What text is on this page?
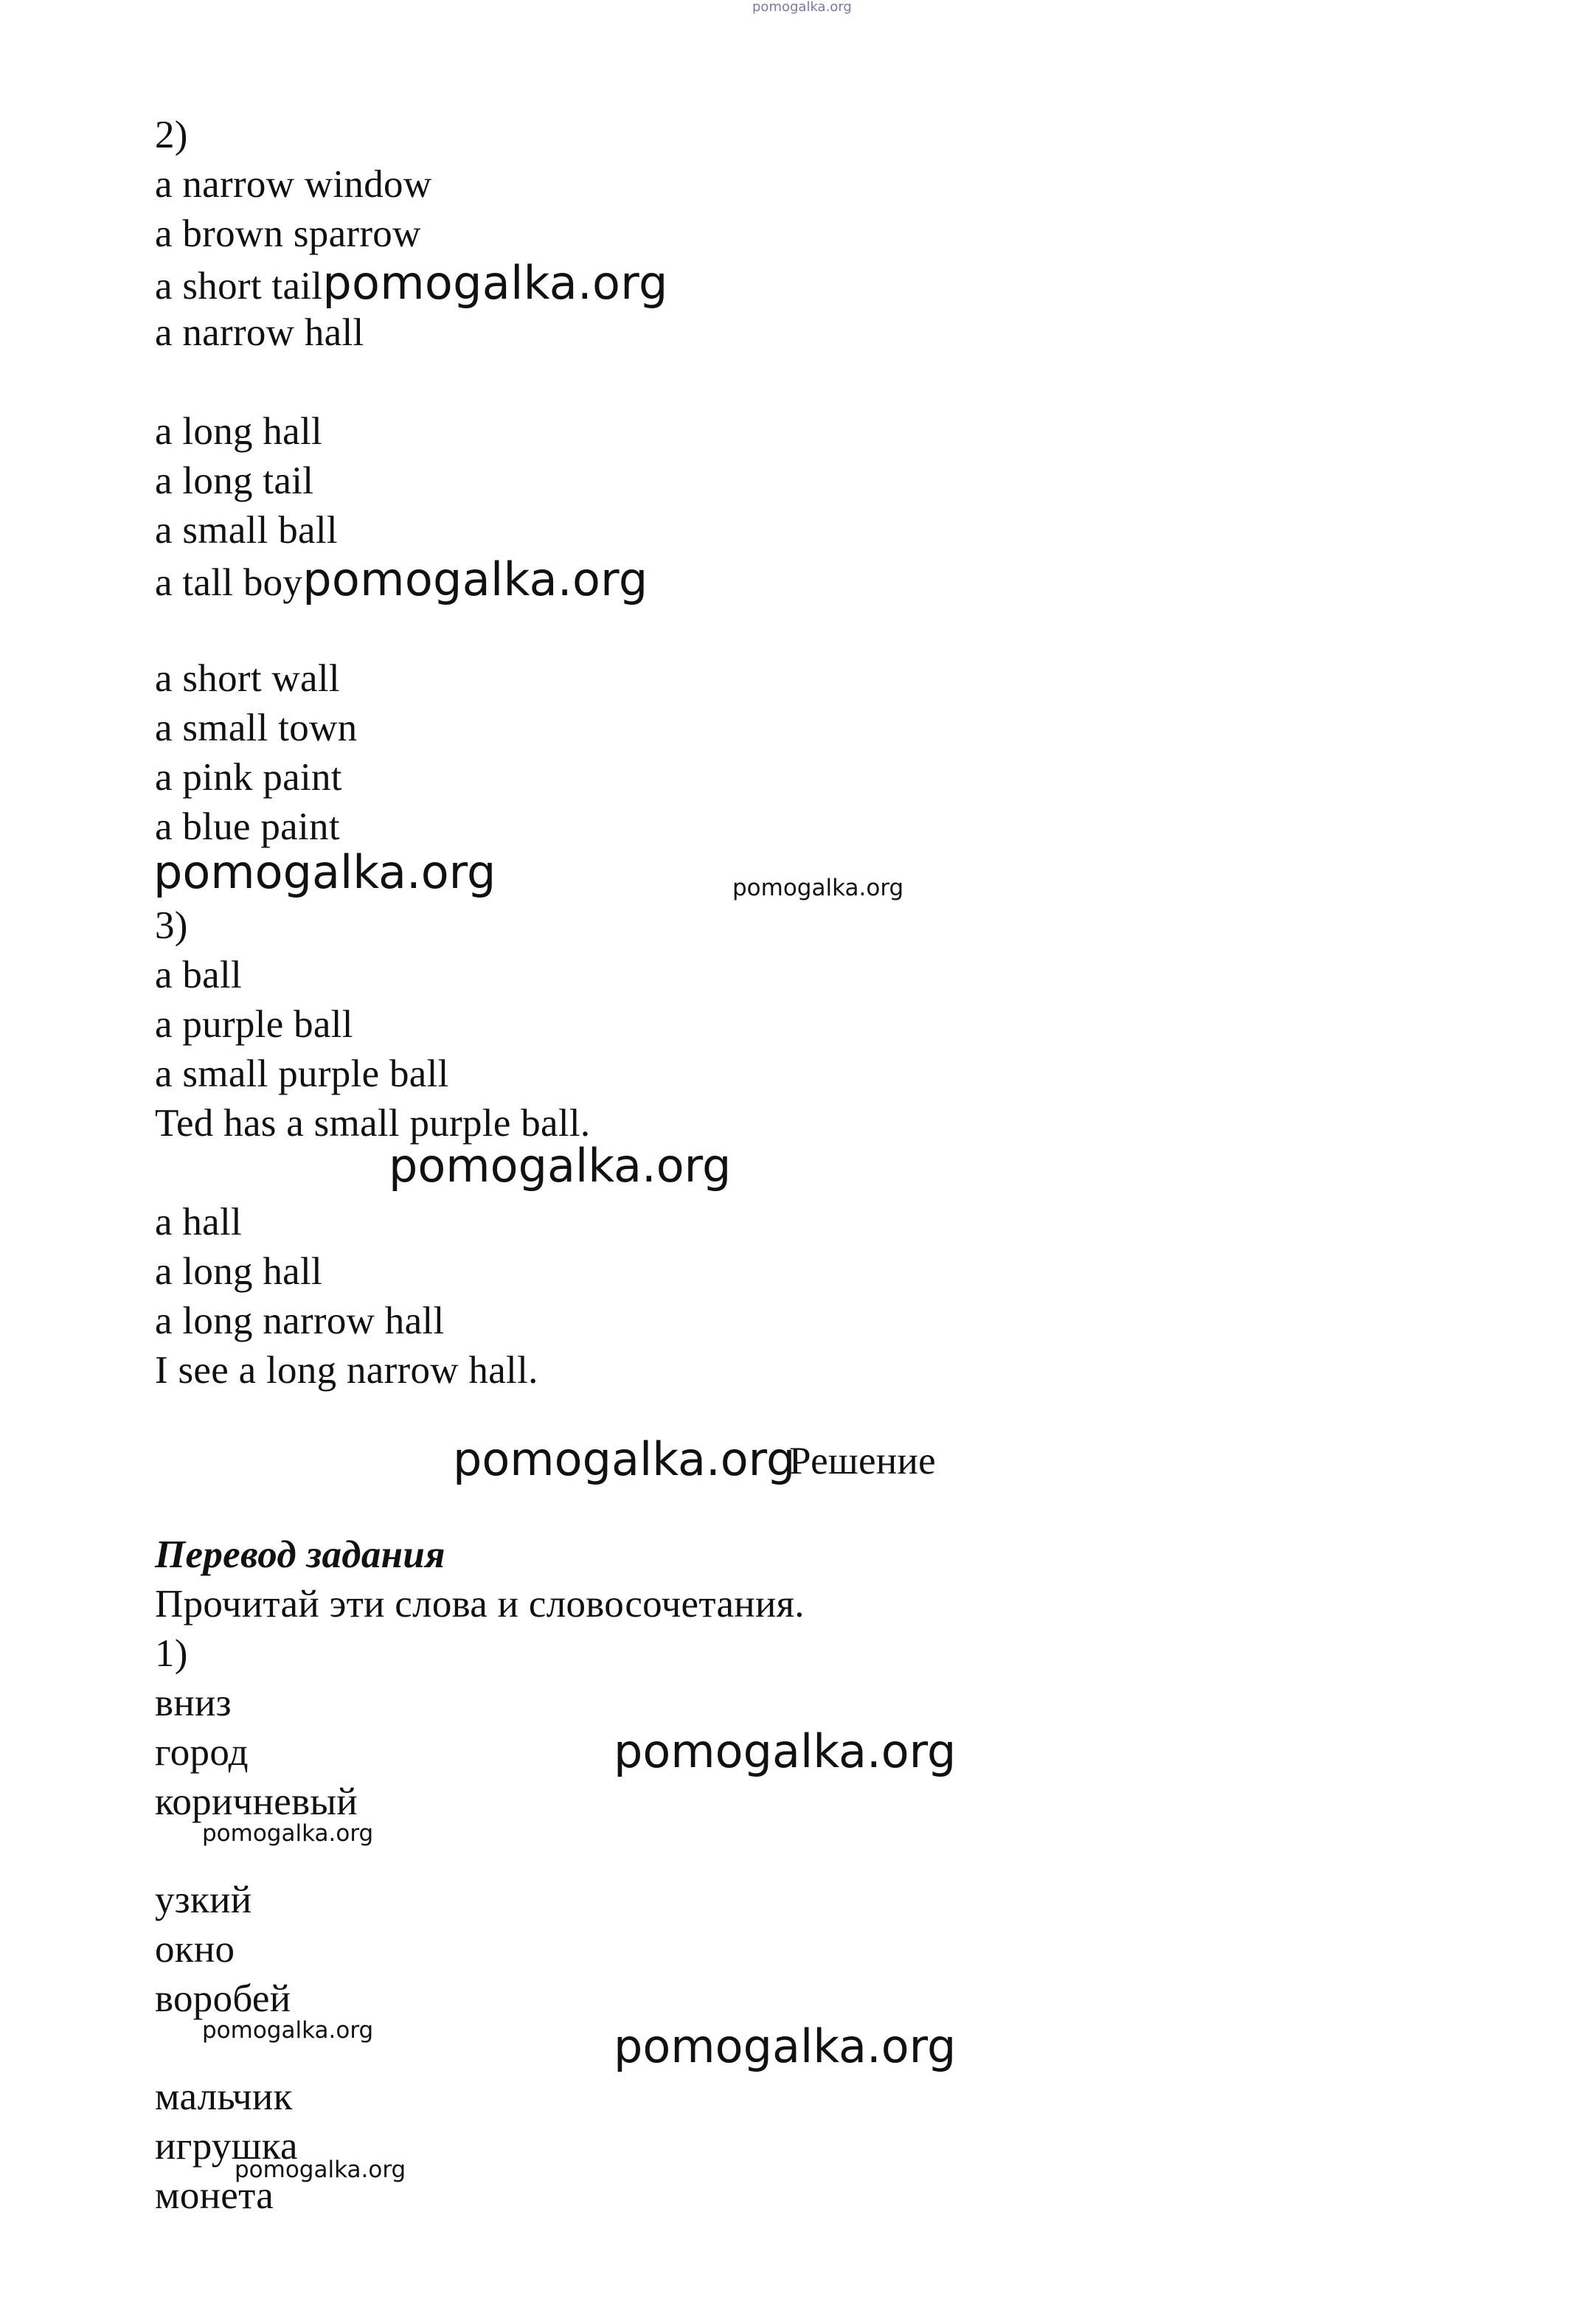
pomogalka.org
2)
a narrow window
a brown sparrow
a short tailpomogalka.org
a narrow hall
a long hall
a long tail
a small ball
a tall boypomogalka.org
a short wall
a small town
a pink paint
a blue paint
pomogalka.org	pomogalka.org
3)
a ball
a purple ball
a small purple ball
Ted has a small purple ball.
pomogalka.org
a hall
a long hall
a long narrow hall
I see a long narrow hall.
pomogalka.org
Решение
Перевод задания
Прочитай эти слова и словосочетания.
1)
вниз
город
коричневый
pomogalka.org
pomogalka.org
узкий
окно
воробей
pomogalka.org	pomogalka.org
мальчик
игрушка
pomogalka.org
монета
